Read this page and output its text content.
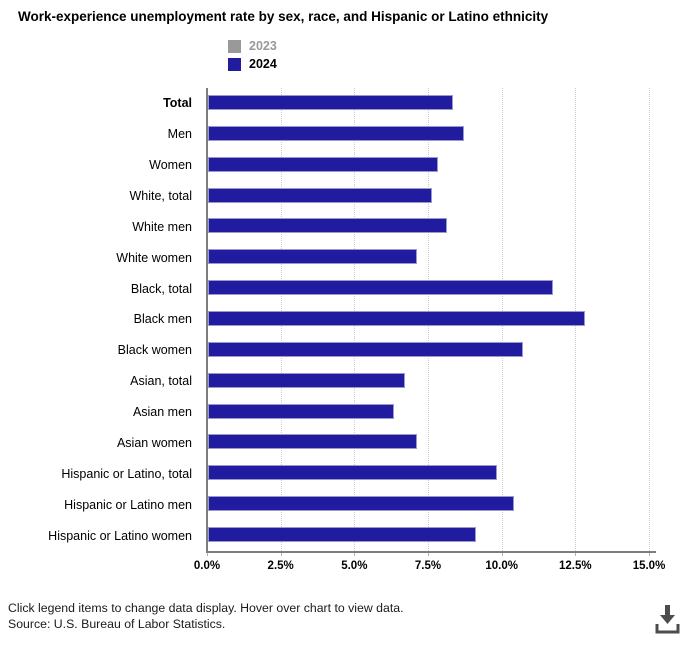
Work-experience unemployment rate by sex, race, and Hispanic or Latino ethnicity
2023
2024
0.0%	2.5%	5.0%	7.5%	10.0%	12.5%	15.0%
Total
Men
Women
White, total
White men
White women
Black, total
Black men
Black women
Asian, total
Asian men
Asian women
Hispanic or Latino, total
Hispanic or Latino men
Hispanic or Latino women
Click legend items to change data display. Hover over chart to view data.
Source: U.S. Bureau of Labor Statistics.
